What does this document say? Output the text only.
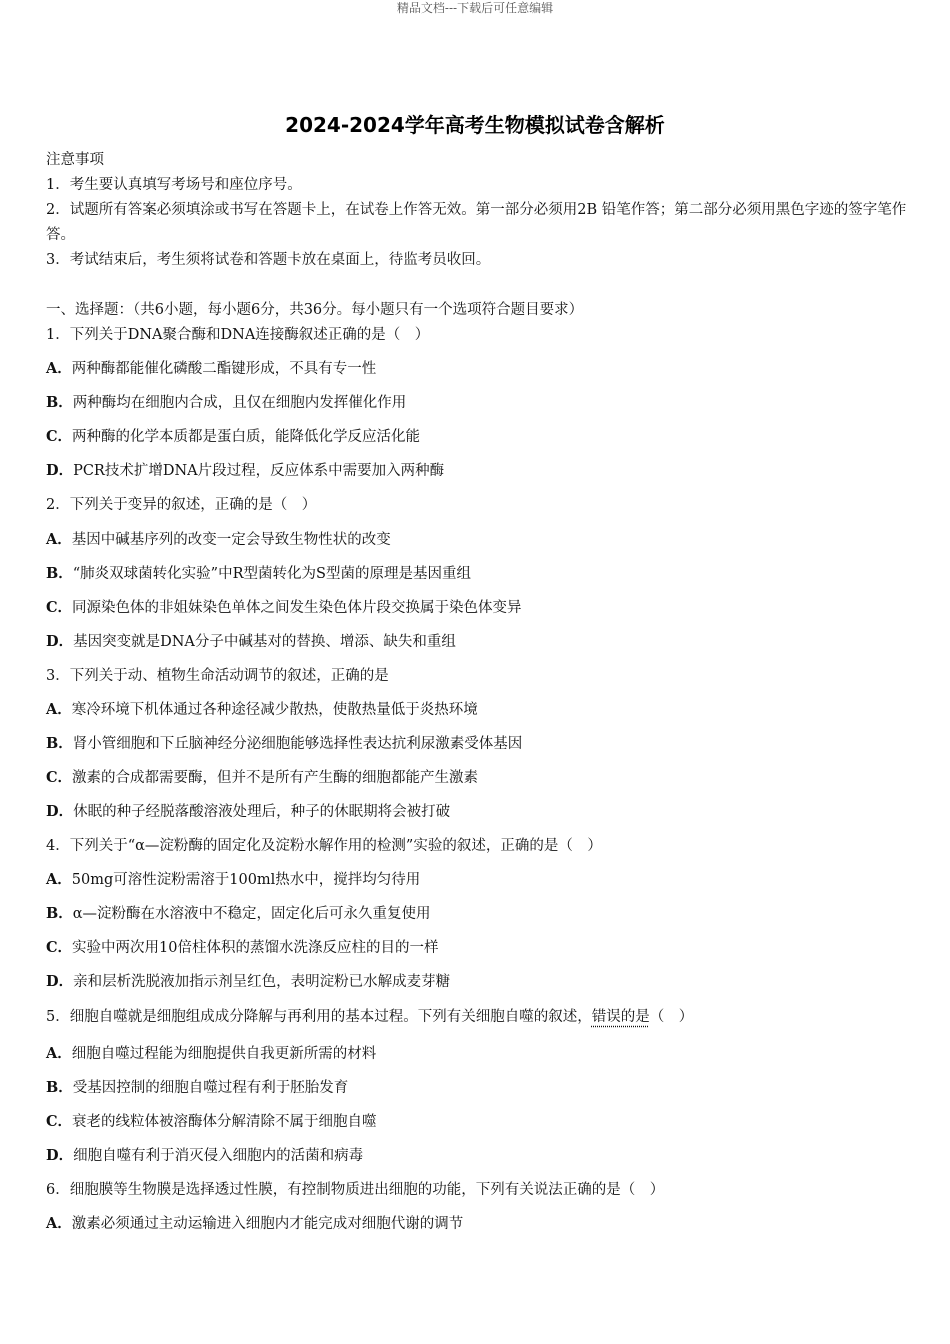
精品文档---下载后可任意编辑
2024-2024学年高考生物模拟试卷含解析

注意事项

1．考生要认真填写考场号和座位序号。

2．试题所有答案必须填涂或书写在答题卡上，在试卷上作答无效。第一部分必须用2B 铅笔作答；第二部分必须用黑色字迹的签字笔作答。

3．考试结束后，考生须将试卷和答题卡放在桌面上，待监考员收回。

一、选择题：（共6小题，每小题6分，共36分。每小题只有一个选项符合题目要求）
1．下列关于DNA聚合酶和DNA连接酶叙述正确的是（　）
A．两种酶都能催化磷酸二酯键形成，不具有专一性
B．两种酶均在细胞内合成，且仅在细胞内发挥催化作用
C．两种酶的化学本质都是蛋白质，能降低化学反应活化能
D．PCR技术扩增DNA片段过程，反应体系中需要加入两种酶
2．下列关于变异的叙述，正确的是（　）
A．基因中碱基序列的改变一定会导致生物性状的改变
B．“肺炎双球菌转化实验”中R型菌转化为S型菌的原理是基因重组
C．同源染色体的非姐妹染色单体之间发生染色体片段交换属于染色体变异
D．基因突变就是DNA分子中碱基对的替换、增添、缺失和重组
3．下列关于动、植物生命活动调节的叙述，正确的是
A．寒冷环境下机体通过各种途径减少散热，使散热量低于炎热环境
B．肾小管细胞和下丘脑神经分泌细胞能够选择性表达抗利尿激素受体基因
C．激素的合成都需要酶，但并不是所有产生酶的细胞都能产生激素
D．休眠的种子经脱落酸溶液处理后，种子的休眠期将会被打破
4．下列关于“α—淀粉酶的固定化及淀粉水解作用的检测”实验的叙述，正确的是（　）
A．50mg可溶性淀粉需溶于100ml热水中，搅拌均匀待用
B．α—淀粉酶在水溶液中不稳定，固定化后可永久重复使用
C．实验中两次用10倍柱体积的蒸馏水洗涤反应柱的目的一样
D．亲和层析洗脱液加指示剂呈红色，表明淀粉已水解成麦芽糖
5．细胞自噬就是细胞组成成分降解与再利用的基本过程。下列有关细胞自噬的叙述，错误的是（　）
A．细胞自噬过程能为细胞提供自我更新所需的材料
B．受基因控制的细胞自噬过程有利于胚胎发育
C．衰老的线粒体被溶酶体分解清除不属于细胞自噬
D．细胞自噬有利于消灭侵入细胞内的活菌和病毒
6．细胞膜等生物膜是选择透过性膜，有控制物质进出细胞的功能，下列有关说法正确的是（　）
A．激素必须通过主动运输进入细胞内才能完成对细胞代谢的调节
